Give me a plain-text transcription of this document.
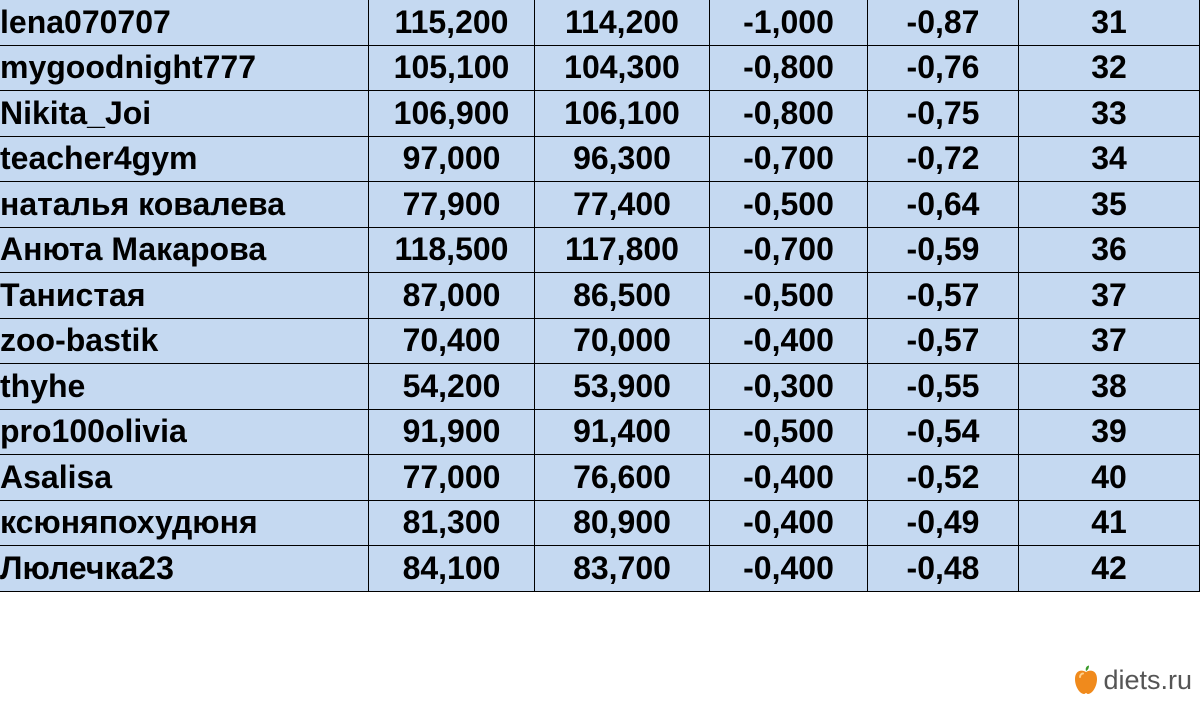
lena070707	115,200	114,200	-1,000	-0,87	31
mygoodnight777	105,100	104,300	-0,800	-0,76	32
Nikita_Joi	106,900	106,100	-0,800	-0,75	33
teacher4gym	97,000	96,300	-0,700	-0,72	34
наталья ковалева	77,900	77,400	-0,500	-0,64	35
Анюта Макарова	118,500	117,800	-0,700	-0,59	36
Танистая	87,000	86,500	-0,500	-0,57	37
zoo-bastik	70,400	70,000	-0,400	-0,57	37
thyhe	54,200	53,900	-0,300	-0,55	38
pro100olivia	91,900	91,400	-0,500	-0,54	39
Asalisa	77,000	76,600	-0,400	-0,52	40
ксюняпохудюня	81,300	80,900	-0,400	-0,49	41
Люлечка23	84,100	83,700	-0,400	-0,48	42
diets.ru
